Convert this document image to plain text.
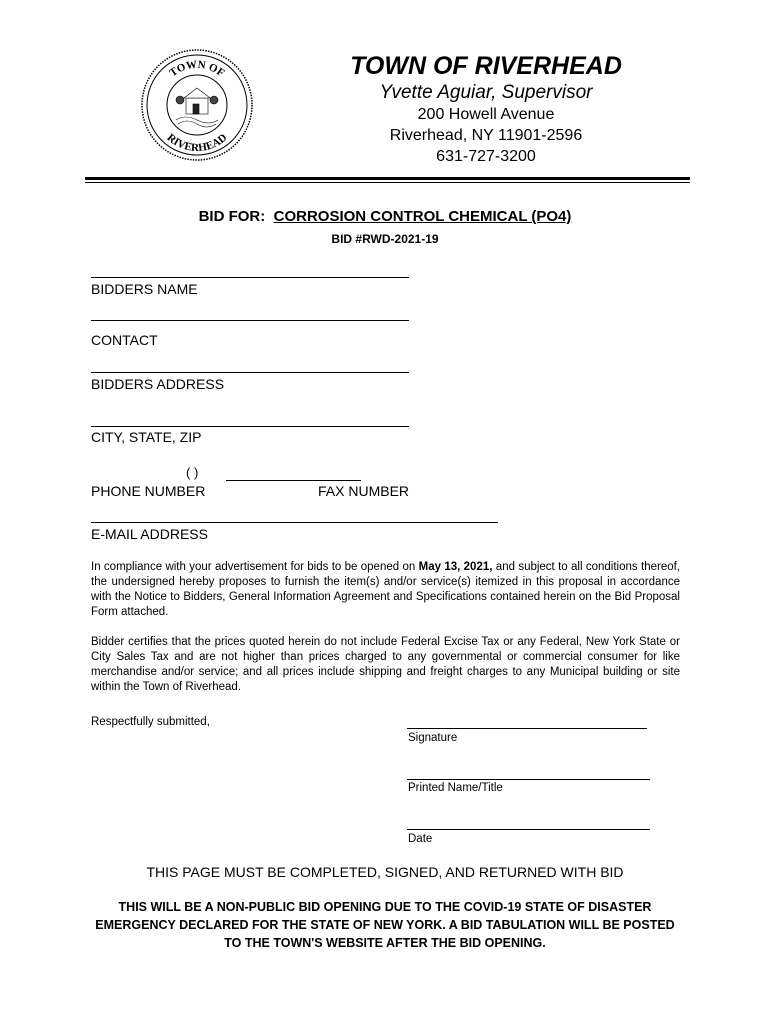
TOWN OF
RIVERHEAD
TOWN OF RIVERHEAD
Yvette Aguiar, Supervisor
200 Howell Avenue
Riverhead, NY 11901-2596
631-727-3200
BID FOR: CORROSION CONTROL CHEMICAL (PO4)
BID #RWD-2021-19
BIDDERS NAME
CONTACT
BIDDERS ADDRESS
CITY, STATE, ZIP
( )
PHONE NUMBER	FAX NUMBER
E-MAIL ADDRESS
In compliance with your advertisement for bids to be opened on May 13, 2021, and subject to all conditions thereof, the undersigned hereby proposes to furnish the item(s) and/or service(s) itemized in this proposal in accordance with the Notice to Bidders, General Information Agreement and Specifications contained herein on the Bid Proposal Form attached.
Bidder certifies that the prices quoted herein do not include Federal Excise Tax or any Federal, New York State or City Sales Tax and are not higher than prices charged to any governmental or commercial consumer for like merchandise and/or service; and all prices include shipping and freight charges to any Municipal building or site within the Town of Riverhead.
Respectfully submitted,
Signature
Printed Name/Title
Date
THIS PAGE MUST BE COMPLETED, SIGNED, AND RETURNED WITH BID
THIS WILL BE A NON-PUBLIC BID OPENING DUE TO THE COVID-19 STATE OF DISASTER EMERGENCY DECLARED FOR THE STATE OF NEW YORK. A BID TABULATION WILL BE POSTED TO THE TOWN'S WEBSITE AFTER THE BID OPENING.
